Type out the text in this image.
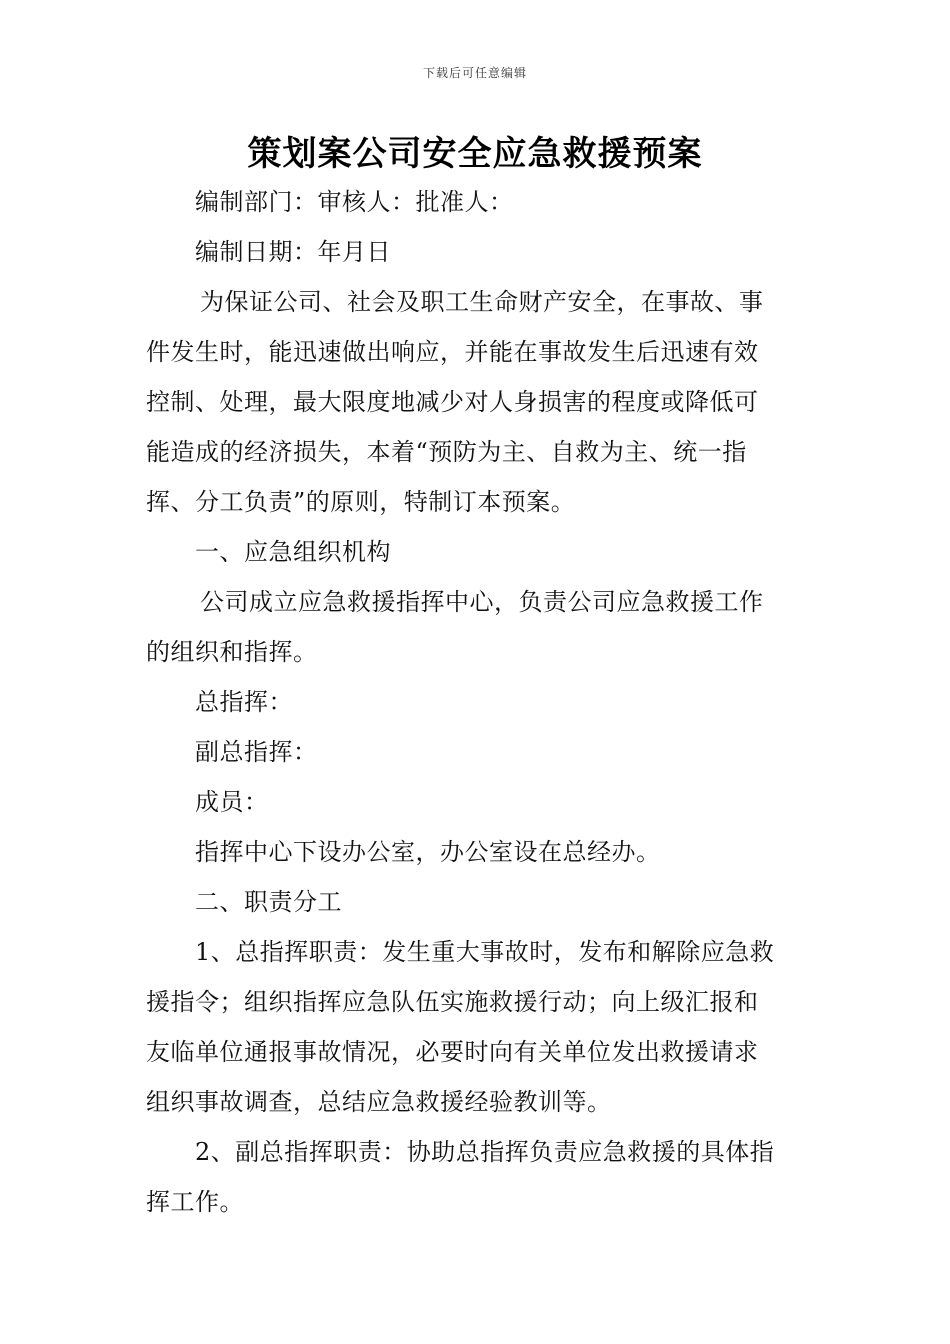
下载后可任意编辑
策划案公司安全应急救援预案

编制部门：审核人：批准人：

编制日期：年月日

为保证公司、社会及职工生命财产安全，在事故、事

件发生时，能迅速做出响应，并能在事故发生后迅速有效

控制、处理，最大限度地减少对人身损害的程度或降低可

能造成的经济损失，本着“预防为主、自救为主、统一指

挥、分工负责”的原则，特制订本预案。

一、应急组织机构

公司成立应急救援指挥中心，负责公司应急救援工作

的组织和指挥。

总指挥：

副总指挥：

成员：

指挥中心下设办公室，办公室设在总经办。

二、职责分工

1、总指挥职责：发生重大事故时，发布和解除应急救

援指令；组织指挥应急队伍实施救援行动；向上级汇报和

友临单位通报事故情况，必要时向有关单位发出救援请求

组织事故调查，总结应急救援经验教训等。

2、副总指挥职责：协助总指挥负责应急救援的具体指

挥工作。
